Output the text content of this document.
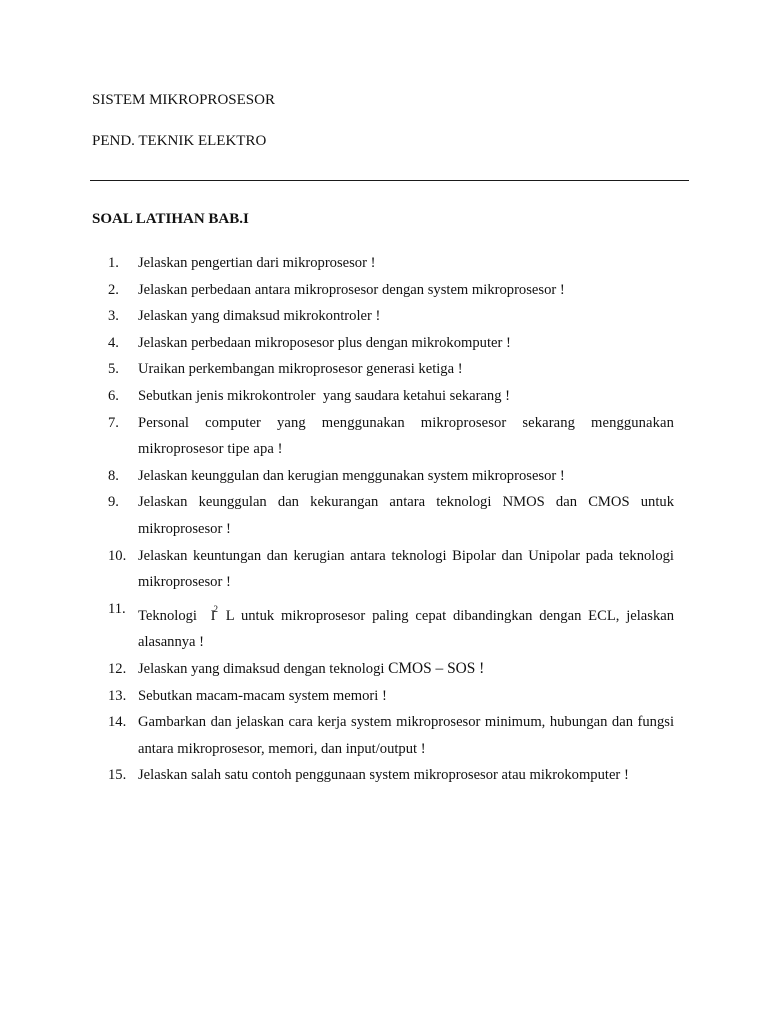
SISTEM MIKROPROSESOR
PEND. TEKNIK ELEKTRO
SOAL LATIHAN BAB.I
1.	Jelaskan pengertian dari mikroprosesor !
2.	Jelaskan perbedaan antara mikroprosesor dengan system mikroprosesor !
3.	Jelaskan yang dimaksud mikrokontroler !
4.	Jelaskan perbedaan mikroposesor plus dengan mikrokomputer !
5.	Uraikan perkembangan mikroprosesor generasi ketiga !
6.	Sebutkan jenis mikrokontroler  yang saudara ketahui sekarang !
7.	Personal computer yang menggunakan mikroprosesor sekarang menggunakan mikroprosesor tipe apa !
8.	Jelaskan keunggulan dan kerugian menggunakan system mikroprosesor !
9.	Jelaskan keunggulan dan kekurangan antara teknologi NMOS dan CMOS untuk mikroprosesor !
10. Jelaskan keuntungan dan kerugian antara teknologi Bipolar dan Unipolar pada teknologi mikroprosesor !
11. Teknologi  $I^2$ L untuk mikroprosesor paling cepat dibandingkan dengan ECL, jelaskan alasannya !
12. Jelaskan yang dimaksud dengan teknologi CMOS – SOS !
13. Sebutkan macam-macam system memori !
14. Gambarkan dan jelaskan cara kerja system mikroprosesor minimum, hubungan dan fungsi antara mikroprosesor, memori, dan input/output !
15. Jelaskan salah satu contoh penggunaan system mikroprosesor atau mikrokomputer !
